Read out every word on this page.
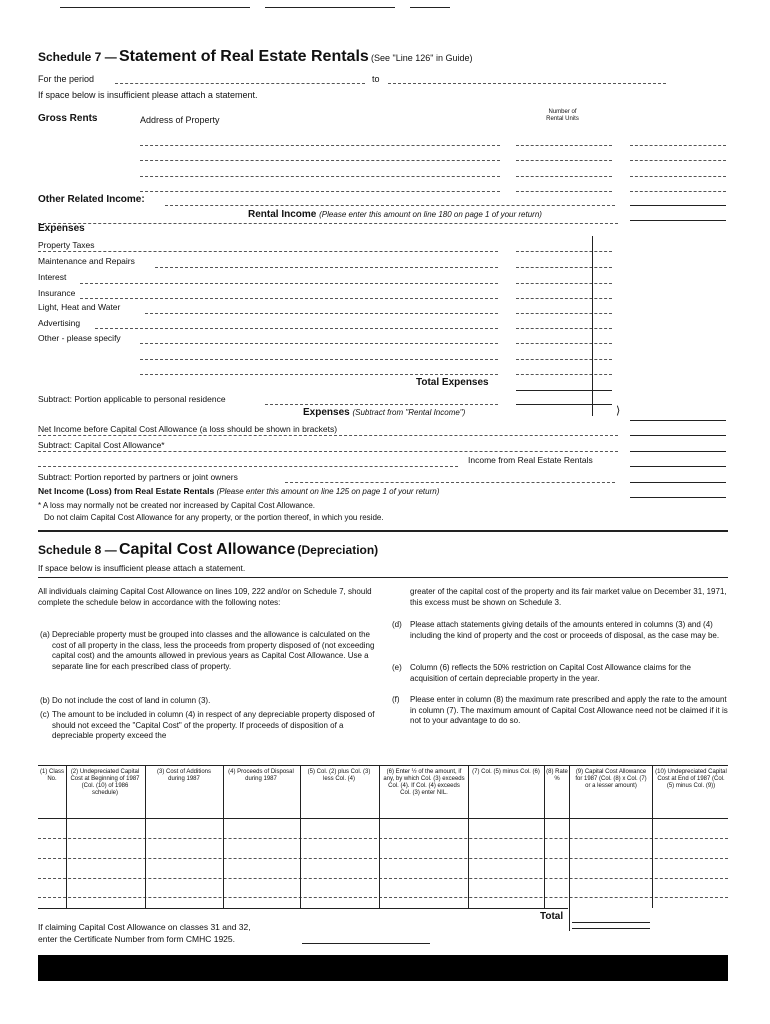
Schedule 7 — Statement of Real Estate Rentals (See "Line 126" in Guide)
For the period	to
If space below is insufficient please attach a statement.
Gross Rents	Address of Property
Number of Rental Units
Other Related Income:
Rental Income (Please enter this amount on line 180 on page 1 of your return)
Expenses
Property Taxes
Maintenance and Repairs
Interest
Insurance
Light, Heat and Water
Advertising
Other - please specify
Total Expenses
Subtract: Portion applicable to personal residence
Expenses (Subtract from "Rental Income")	⟩
Net Income before Capital Cost Allowance (a loss should be shown in brackets)
Subtract: Capital Cost Allowance*
Income from Real Estate Rentals
Subtract: Portion reported by partners or joint owners
Net Income (Loss) from Real Estate Rentals (Please enter this amount on line 125 on page 1 of your return)
* A loss may normally not be created nor increased by Capital Cost Allowance.
Do not claim Capital Cost Allowance for any property, or the portion thereof, in which you reside.
Schedule 8 — Capital Cost Allowance (Depreciation)
If space below is insufficient please attach a statement.
All individuals claiming Capital Cost Allowance on lines 109, 222 and/or on Schedule 7, should complete the schedule below in accordance with the following notes:
(a) Depreciable property must be grouped into classes and the allowance is calculated on the cost of all property in the class, less the proceeds from property disposed of (not exceeding capital cost) and the amounts allowed in previous years as Capital Cost Allowance. Use a separate line for each prescribed class of property.
(b) Do not include the cost of land in column (3).
(c) The amount to be included in column (4) in respect of any depreciable property disposed of should not exceed the "Capital Cost" of the property. If proceeds of disposition of a depreciable property exceed the
greater of the capital cost of the property and its fair market value on December 31, 1971, this excess must be shown on Schedule 3.
(d) Please attach statements giving details of the amounts entered in columns (3) and (4) including the kind of property and the cost or proceeds of disposal, as the case may be.
(e) Column (6) reflects the 50% restriction on Capital Cost Allowance claims for the acquisition of certain depreciable property in the year.
(f) Please enter in column (8) the maximum rate prescribed and apply the rate to the amount in column (7). The maximum amount of Capital Cost Allowance need not be claimed if it is not to your advantage to do so.
(1) Class No.
(2) Undepreciated Capital Cost at Beginning of 1987 (Col. (10) of 1986 schedule)
(3) Cost of Additions during 1987
(4) Proceeds of Disposal during 1987
(5) Col. (2) plus Col. (3) less Col. (4)
(6) Enter ½ of the amount, if any, by which Col. (3) exceeds Col. (4). If Col. (4) exceeds Col. (3) enter NIL.
(7) Col. (5) minus Col. (6)	(8) Rate %
(9) Capital Cost Allowance for 1987 (Col. (8) x Col. (7) or a lesser amount)
(10) Undepreciated Capital Cost at End of 1987 (Col. (5) minus Col. (9))
Total
If claiming Capital Cost Allowance on classes 31 and 32,
enter the Certificate Number from form CMHC 1925.
